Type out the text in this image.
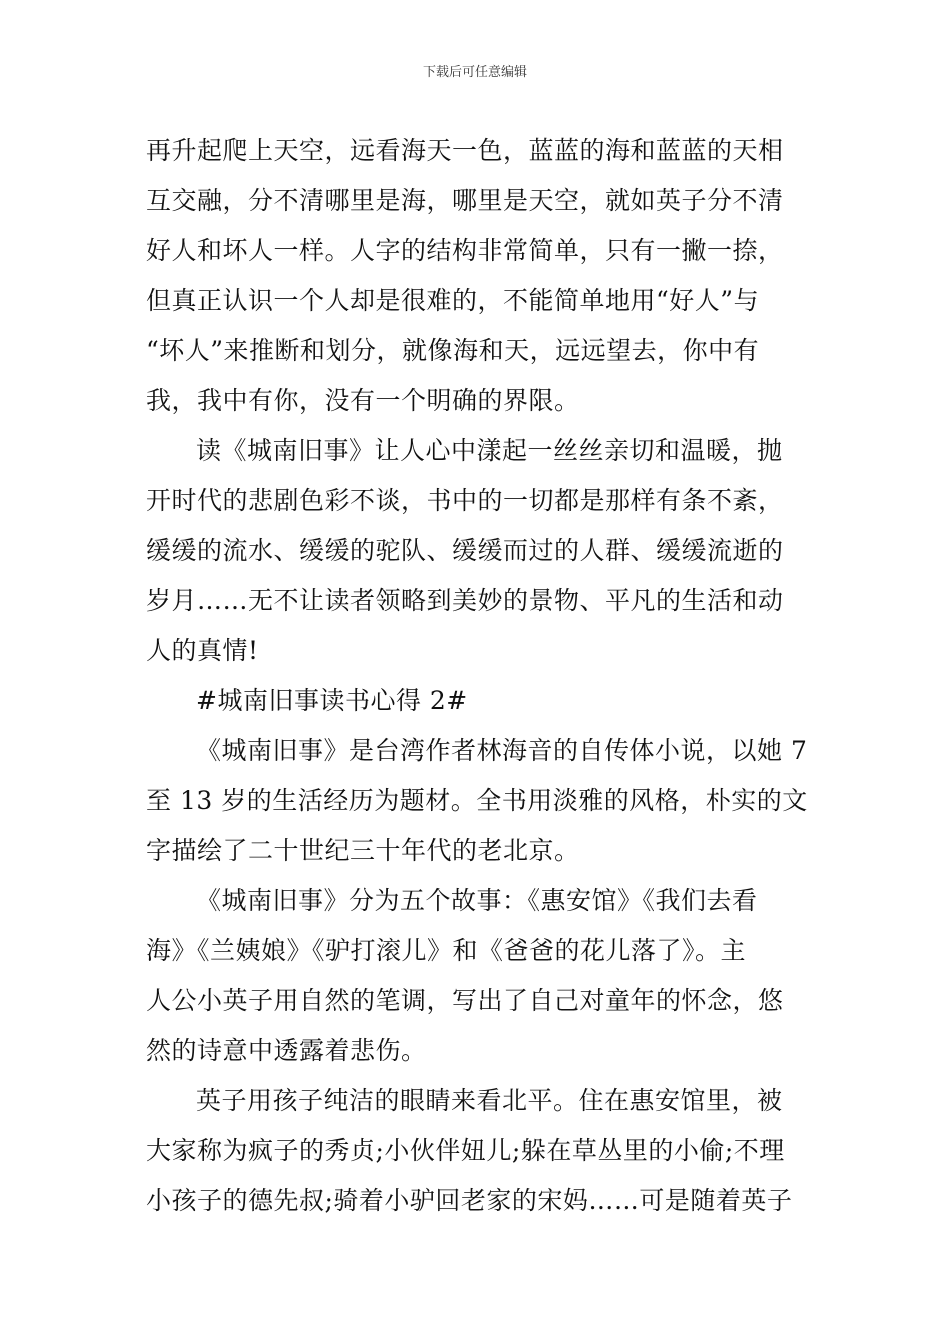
下载后可任意编辑
再升起爬上天空，远看海天一色，蓝蓝的海和蓝蓝的天相
互交融，分不清哪里是海，哪里是天空，就如英子分不清
好人和坏人一样。人字的结构非常简单，只有一撇一捺，
但真正认识一个人却是很难的，不能简单地用“好人”与
“坏人”来推断和划分，就像海和天，远远望去，你中有
我，我中有你，没有一个明确的界限。
读《城南旧事》让人心中漾起一丝丝亲切和温暖，抛
开时代的悲剧色彩不谈，书中的一切都是那样有条不紊，
缓缓的流水、缓缓的驼队、缓缓而过的人群、缓缓流逝的
岁月……无不让读者领略到美妙的景物、平凡的生活和动
人的真情!
#城南旧事读书心得 2#
《城南旧事》是台湾作者林海音的自传体小说，以她 7
至 13 岁的生活经历为题材。全书用淡雅的风格，朴实的文
字描绘了二十世纪三十年代的老北京。
《城南旧事》分为五个故事：《惠安馆》《我们去看
海》《兰姨娘》《驴打滚儿》和《爸爸的花儿落了》。主
人公小英子用自然的笔调，写出了自己对童年的怀念，悠
然的诗意中透露着悲伤。
英子用孩子纯洁的眼睛来看北平。住在惠安馆里，被
大家称为疯子的秀贞;小伙伴妞儿;躲在草丛里的小偷;不理
小孩子的德先叔;骑着小驴回老家的宋妈……可是随着英子
